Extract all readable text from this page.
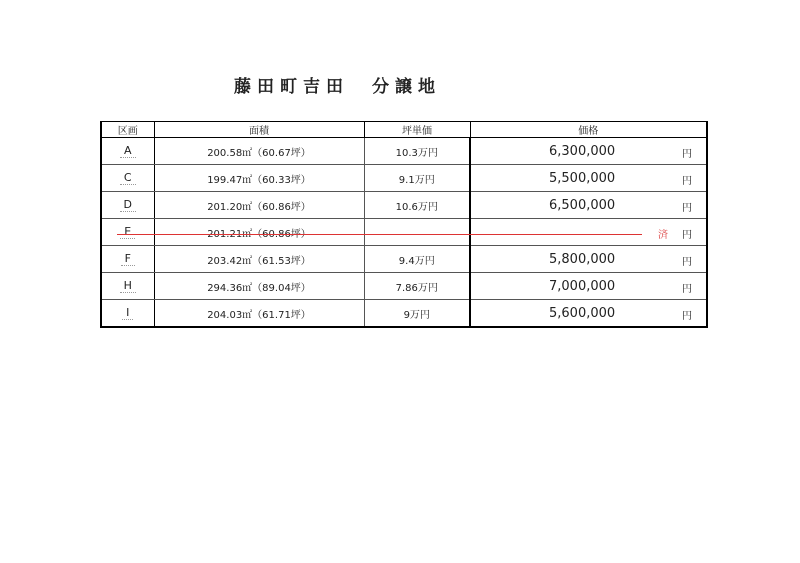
藤田町吉田　分譲地
区画	面積	坪単価	価格
A	200.58㎡（60.67坪）	10.3万円	6,300,000 円

C	199.47㎡（60.33坪）	9.1万円	5,500,000 円

D	201.20㎡（60.86坪）	10.6万円	6,500,000 円

E	201.21㎡（60.86坪）		済 円

F	203.42㎡（61.53坪）	9.4万円	5,800,000 円

H	294.36㎡（89.04坪）	7.86万円	7,000,000 円

I	204.03㎡（61.71坪）	9万円	5,600,000 円
